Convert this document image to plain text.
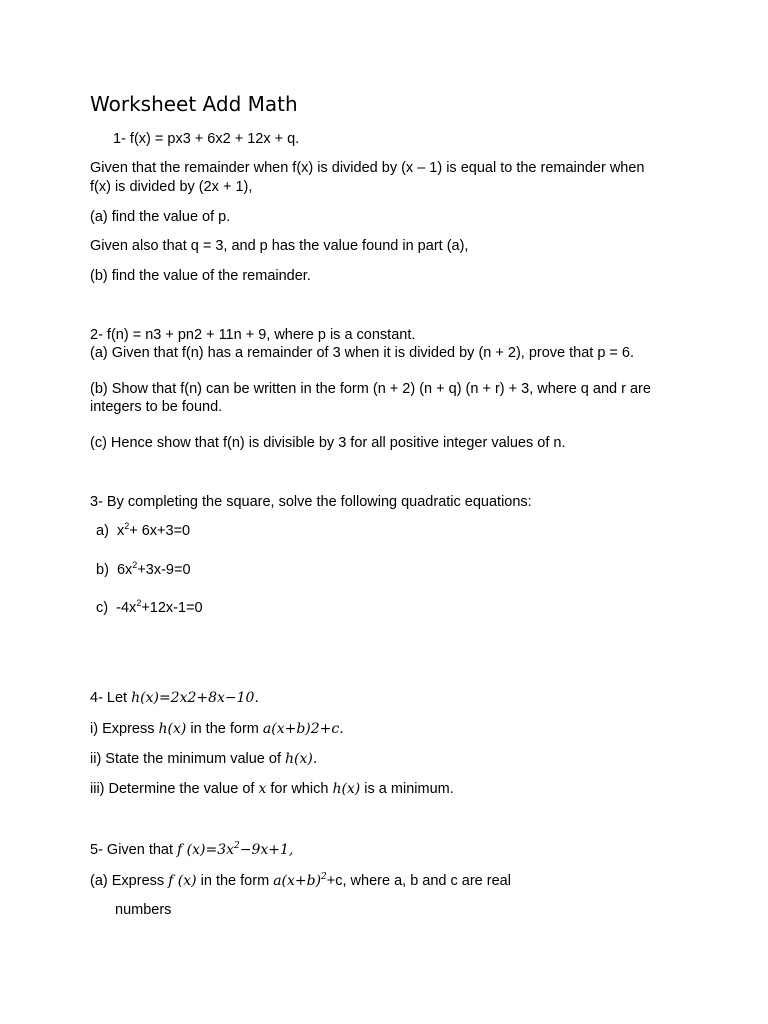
Worksheet Add Math
1- f(x) = px3 + 6x2 + 12x + q.
Given that the remainder when f(x) is divided by (x – 1) is equal to the remainder when
f(x) is divided by (2x + 1),
(a) find the value of p.
Given also that q = 3, and p has the value found in part (a),
(b) find the value of the remainder.
2- f(n) = n3 + pn2 + 11n + 9, where p is a constant.
(a) Given that f(n) has a remainder of 3 when it is divided by (n + 2), prove that p = 6.
(b) Show that f(n) can be written in the form (n + 2) (n + q) (n + r) + 3, where q and r are
integers to be found.
(c) Hence show that f(n) is divisible by 3 for all positive integer values of n.
3- By completing the square, solve the following quadratic equations:
a) $x^2+ 6x+3=0$
b) $6x^2+3x-9=0$
c) $-4x^2+12x-1=0$
4- Let h(x)=2x2+8x−10.
i) Express h(x) in the form a(x+b)2+c.
ii) State the minimum value of h(x).
iii) Determine the value of x for which h(x) is a minimum.
5- Given that f $(x)=3x^2-9x+1$,
(a) Express f (x) in the form $a(x+b)^2+c$, where a, b and c are real
numbers
